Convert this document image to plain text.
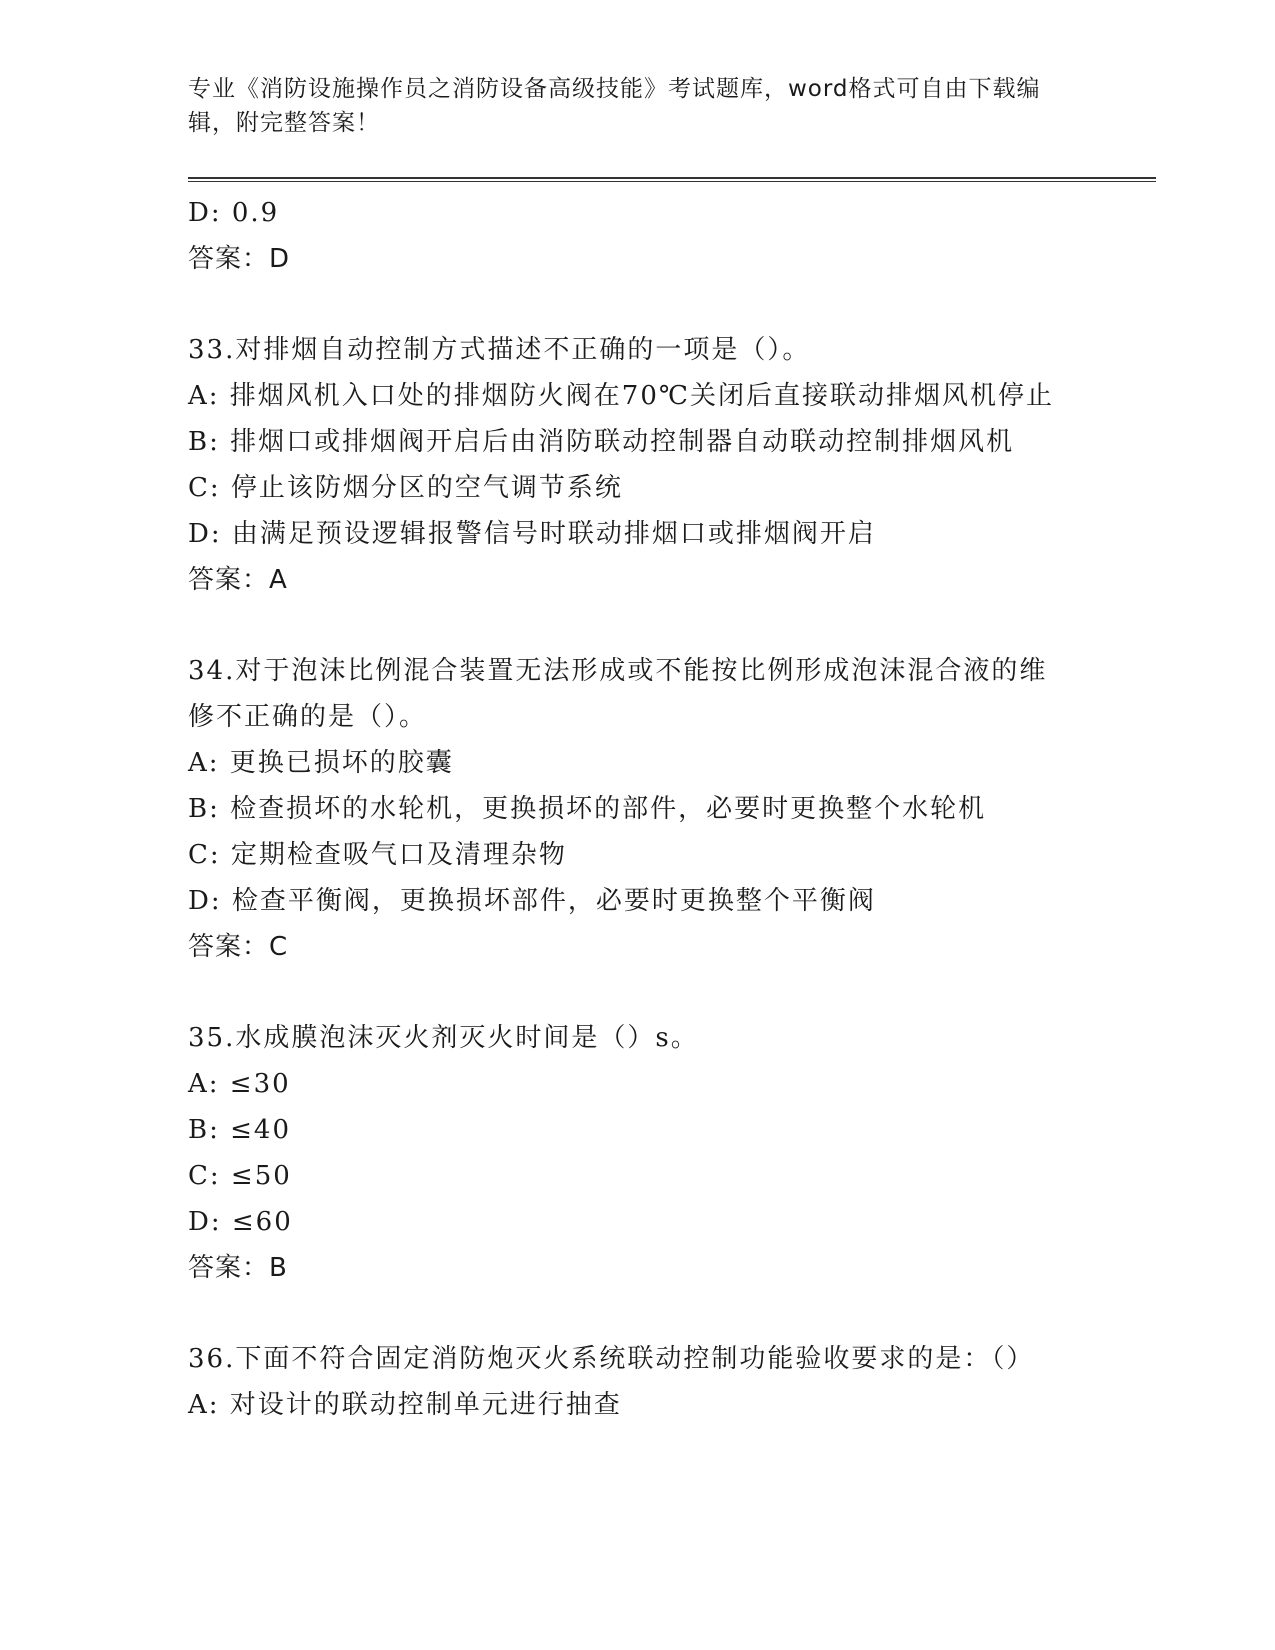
专业《消防设施操作员之消防设备高级技能》考试题库，word格式可自由下载编辑，附完整答案！

D: 0.9
答案：D
33.对排烟自动控制方式描述不正确的一项是（）。
A: 排烟风机入口处的排烟防火阀在70℃关闭后直接联动排烟风机停止
B: 排烟口或排烟阀开启后由消防联动控制器自动联动控制排烟风机
C: 停止该防烟分区的空气调节系统
D: 由满足预设逻辑报警信号时联动排烟口或排烟阀开启
答案：A
34.对于泡沫比例混合装置无法形成或不能按比例形成泡沫混合液的维
修不正确的是（）。
A: 更换已损坏的胶囊
B: 检查损坏的水轮机，更换损坏的部件，必要时更换整个水轮机
C: 定期检查吸气口及清理杂物
D: 检查平衡阀，更换损坏部件，必要时更换整个平衡阀
答案：C
35.水成膜泡沫灭火剂灭火时间是（）s。
A: ≤30
B: ≤40
C: ≤50
D: ≤60
答案：B
36.下面不符合固定消防炮灭火系统联动控制功能验收要求的是：（）
A: 对设计的联动控制单元进行抽查
